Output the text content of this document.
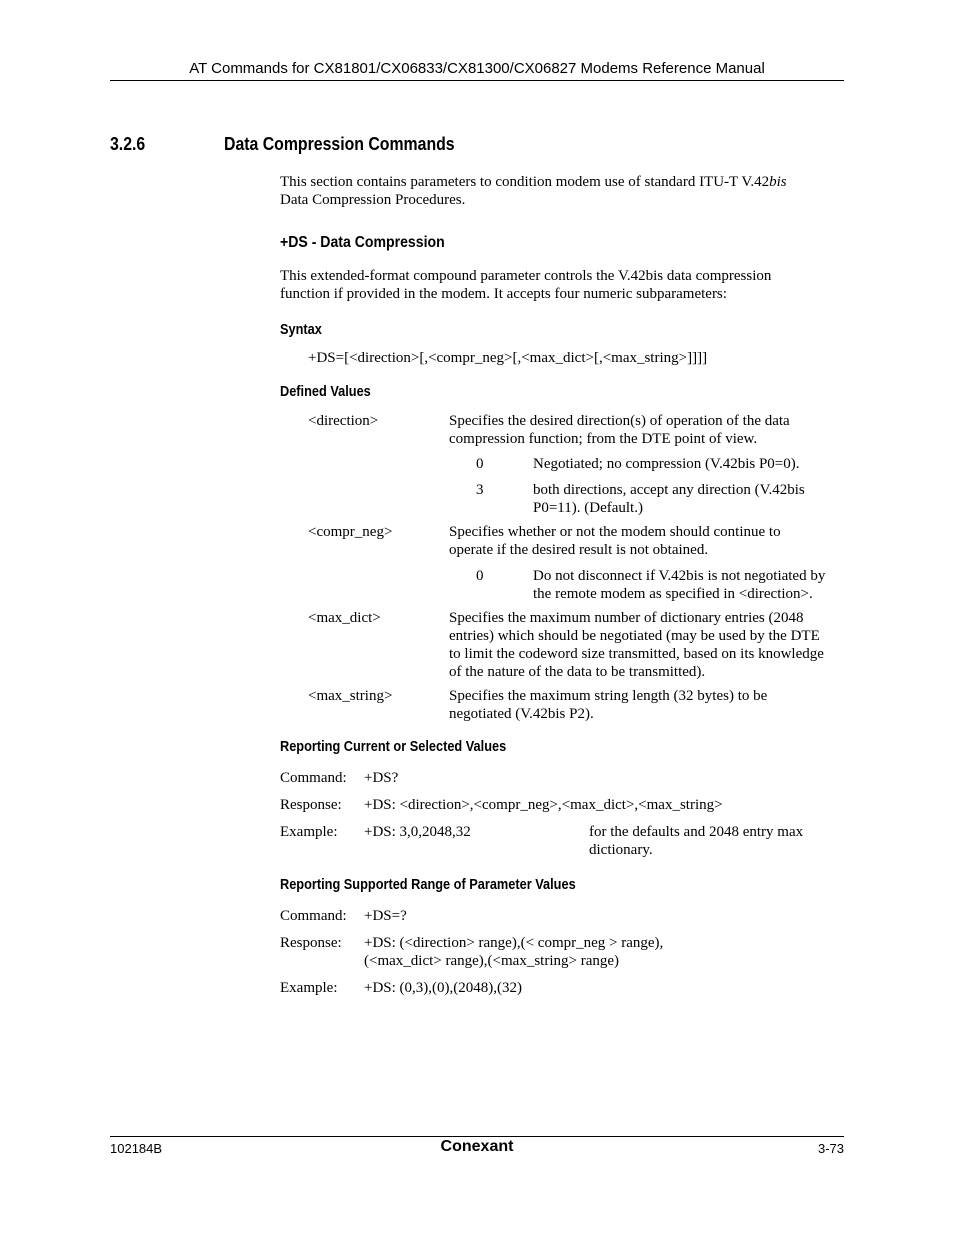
AT Commands for CX81801/CX06833/CX81300/CX06827 Modems Reference Manual
3.2.6	Data Compression Commands
This section contains parameters to condition modem use of standard ITU-T V.42bis
Data Compression Procedures.
+DS - Data Compression
This extended-format compound parameter controls the V.42bis data compression
function if provided in the modem. It accepts four numeric subparameters:
Syntax
+DS=[<direction>[,<compr_neg>[,<max_dict>[,<max_string>]]]]
Defined Values
<direction>	Specifies the desired direction(s) of operation of the data
compression function; from the DTE point of view.
0	Negotiated; no compression (V.42bis P0=0).
3	both directions, accept any direction (V.42bis
P0=11). (Default.)
<compr_neg>	Specifies whether or not the modem should continue to
operate if the desired result is not obtained.
0	Do not disconnect if V.42bis is not negotiated by
the remote modem as specified in <direction>.
<max_dict>	Specifies the maximum number of dictionary entries (2048
entries) which should be negotiated (may be used by the DTE
to limit the codeword size transmitted, based on its knowledge
of the nature of the data to be transmitted).
<max_string>	Specifies the maximum string length (32 bytes) to be
negotiated (V.42bis P2).
Reporting Current or Selected Values
Command: +DS?
Response: +DS: <direction>,<compr_neg>,<max_dict>,<max_string>
Example: +DS: 3,0,2048,32	for the defaults and 2048 entry max
dictionary.
Reporting Supported Range of Parameter Values
Command: +DS=?
Response: +DS: (<direction> range),(< compr_neg > range),
(<max_dict> range),(<max_string> range)
Example: +DS: (0,3),(0),(2048),(32)
102184B	Conexant	3-73
